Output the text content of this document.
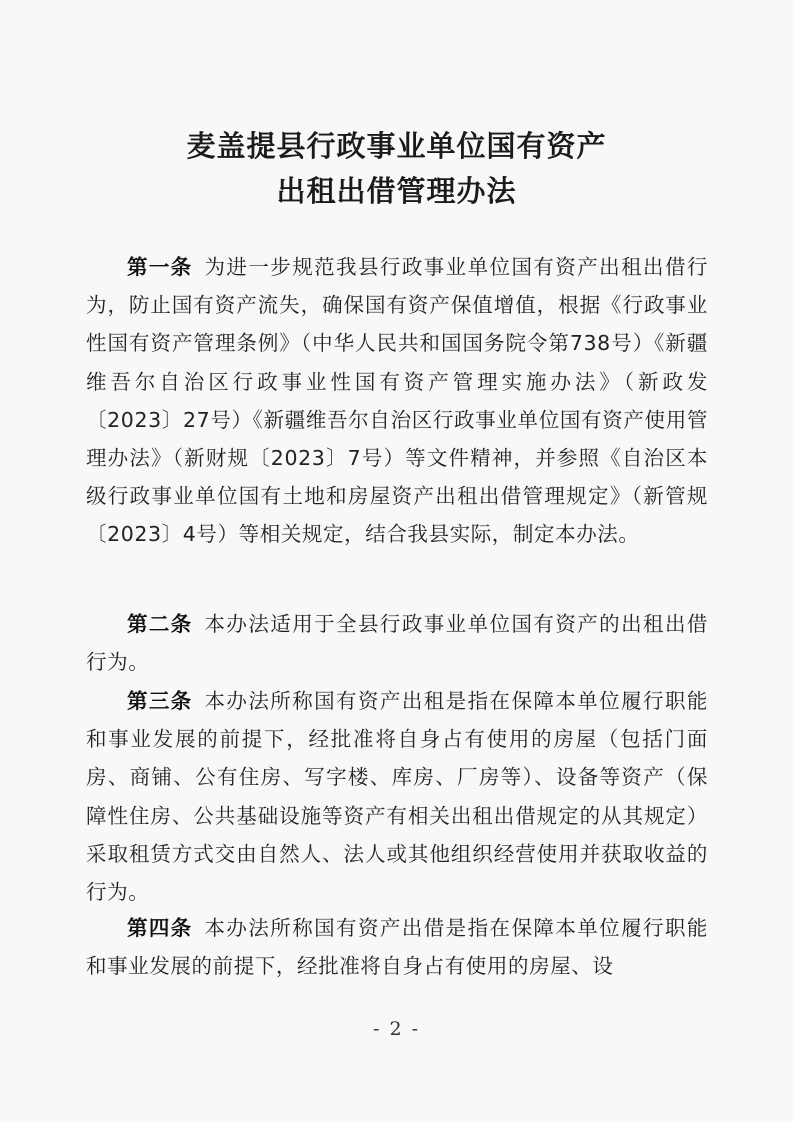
麦盖提县行政事业单位国有资产
出租出借管理办法

第一条 为进一步规范我县行政事业单位国有资产出租出借行为，防止国有资产流失，确保国有资产保值增值，根据《行政事业性国有资产管理条例》（中华人民共和国国务院令第738号）《新疆维吾尔自治区行政事业性国有资产管理实施办法》（新政发〔2023〕27号）《新疆维吾尔自治区行政事业单位国有资产使用管理办法》（新财规〔2023〕7号）等文件精神，并参照《自治区本级行政事业单位国有土地和房屋资产出租出借管理规定》（新管规〔2023〕4号）等相关规定，结合我县实际，制定本办法。

第二条 本办法适用于全县行政事业单位国有资产的出租出借行为。

第三条 本办法所称国有资产出租是指在保障本单位履行职能和事业发展的前提下，经批准将自身占有使用的房屋（包括门面房、商铺、公有住房、写字楼、库房、厂房等）、设备等资产（保障性住房、公共基础设施等资产有相关出租出借规定的从其规定）采取租赁方式交由自然人、法人或其他组织经营使用并获取收益的行为。

第四条 本办法所称国有资产出借是指在保障本单位履行职能和事业发展的前提下，经批准将自身占有使用的房屋、设

- 2 -
